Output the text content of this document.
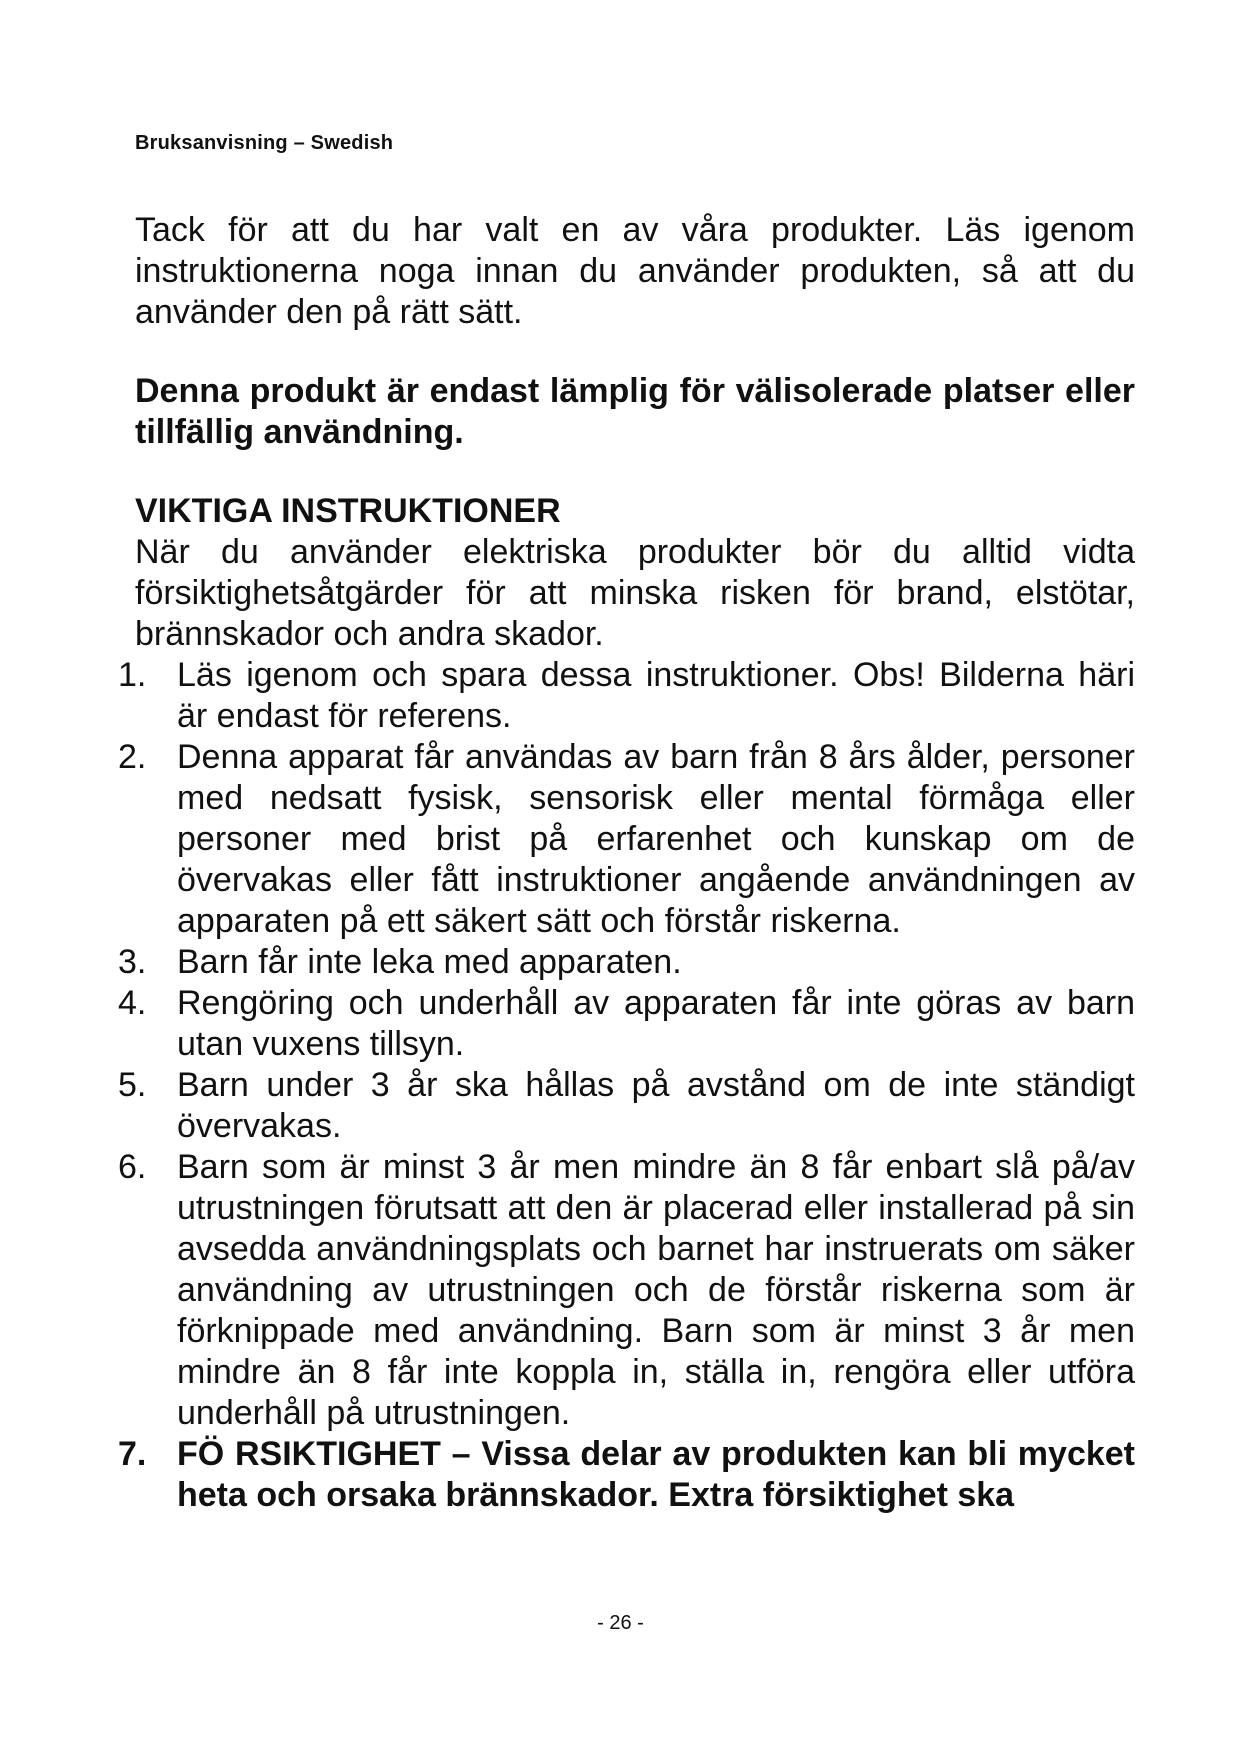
Bruksanvisning – Swedish

Tack för att du har valt en av våra produkter. Läs igenom instruktionerna noga innan du använder produkten, så att du använder den på rätt sätt.

Denna produkt är endast lämplig för välisolerade platser eller tillfällig användning.

VIKTIGA INSTRUKTIONER

När du använder elektriska produkter bör du alltid vidta försiktighetsåtgärder för att minska risken för brand, elstötar, brännskador och andra skador.

1. Läs igenom och spara dessa instruktioner. Obs! Bilderna häri är endast för referens.
2. Denna apparat får användas av barn från 8 års ålder, personer med nedsatt fysisk, sensorisk eller mental förmåga eller personer med brist på erfarenhet och kunskap om de övervakas eller fått instruktioner angående användningen av apparaten på ett säkert sätt och förstår riskerna.
3. Barn får inte leka med apparaten.
4. Rengöring och underhåll av apparaten får inte göras av barn utan vuxens tillsyn.
5. Barn under 3 år ska hållas på avstånd om de inte ständigt övervakas.
6. Barn som är minst 3 år men mindre än 8 får enbart slå på/av utrustningen förutsatt att den är placerad eller installerad på sin avsedda användningsplats och barnet har instruerats om säker användning av utrustningen och de förstår riskerna som är förknippade med användning. Barn som är minst 3 år men mindre än 8 får inte koppla in, ställa in, rengöra eller utföra underhåll på utrustningen.
7. FÖ RSIKTIGHET – Vissa delar av produkten kan bli mycket heta och orsaka brännskador. Extra försiktighet ska
- 26 -
